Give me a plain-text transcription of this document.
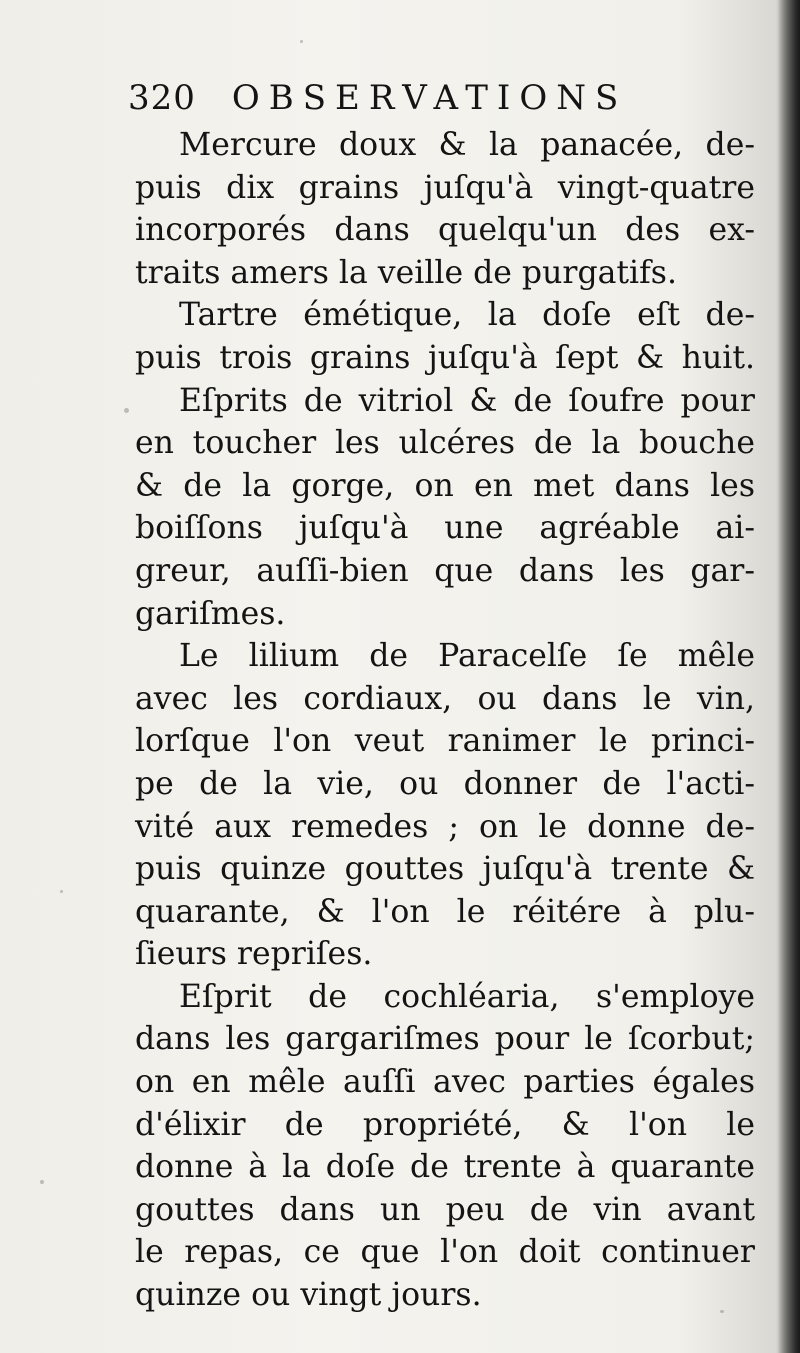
320 OBSERVATIONS
Mercure doux & la panacée, de-
puis dix grains juſqu'à vingt-quatre
incorporés dans quelqu'un des ex-
traits amers la veille de purgatifs.
Tartre émétique, la doſe eſt de-
puis trois grains juſqu'à ſept & huit.
Eſprits de vitriol & de ſoufre pour
en toucher les ulcéres de la bouche
& de la gorge, on en met dans les
boiſſons juſqu'à une agréable ai-
greur, auſſi-bien que dans les gar-
gariſmes.
Le lilium de Paracelſe ſe mêle
avec les cordiaux, ou dans le vin,
lorſque l'on veut ranimer le princi-
pe de la vie, ou donner de l'acti-
vité aux remedes ; on le donne de-
puis quinze gouttes juſqu'à trente &
quarante, & l'on le réitére à plu-
ſieurs repriſes.
Eſprit de cochléaria, s'employe
dans les gargariſmes pour le ſcorbut;
on en mêle auſſi avec parties égales
d'élixir de propriété, & l'on le
donne à la doſe de trente à quarante
gouttes dans un peu de vin avant
le repas, ce que l'on doit continuer
quinze ou vingt jours.
